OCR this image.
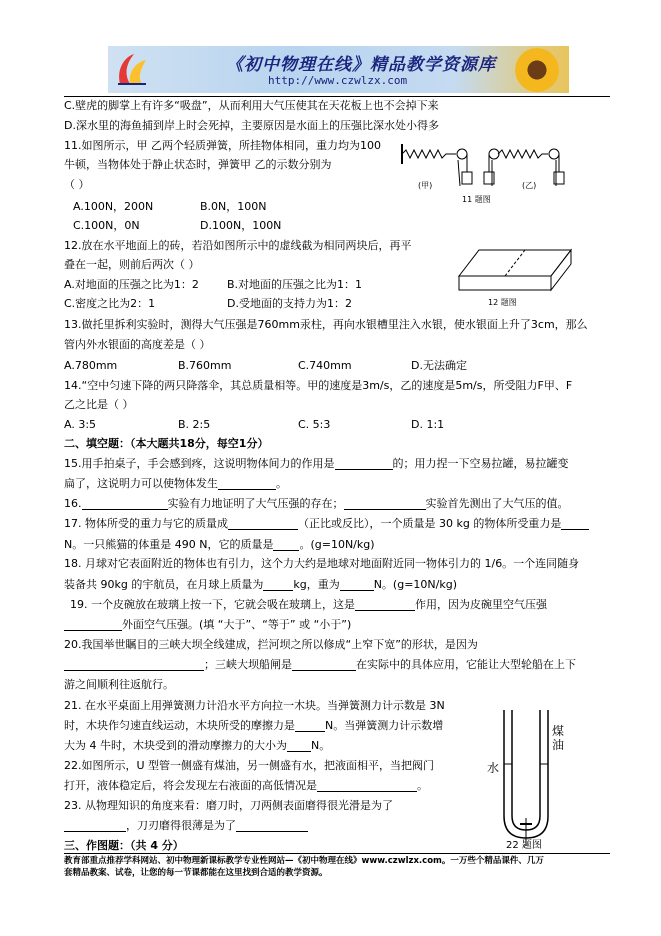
《初中物理在线》精品教学资源库
http://www.czwlzx.com
C.壁虎的脚掌上有许多“吸盘”，从而利用大气压使其在天花板上也不会掉下来
D.深水里的海鱼捕到岸上时会死掉，主要原因是水面上的压强比深水处小得多
11.如图所示，甲 乙两个轻质弹簧，所挂物体相同，重力均为100
牛顿，当物体处于静止状态时，弹簧甲 乙的示数分别为
（ ）
A.100N，200N	B.0N，100N
C.100N，0N	D.100N，100N
(甲)	(乙)
11 题图
12.放在水平地面上的砖，若沿如图所示中的虚线截为相同两块后，再平
叠在一起，则前后两次（ ）
A.对地面的压强之比为1：2	B.对地面的压强之比为1：1
C.密度之比为2：1	D.受地面的支持力为1：2	12 题图
13.做托里拆利实验时，测得大气压强是760mm汞柱，再向水银槽里注入水银，使水银面上升了3cm，那么
管内外水银面的高度差是（ ）
A.780mm	B.760mm	C.740mm	D.无法确定
14.“空中匀速下降的两只降落伞，其总质量相等。甲的速度是3m/s，乙的速度是5m/s，所受阻力F甲、F
乙之比是（ ）
A. 3:5	B. 2:5	C. 5:3	D. 1:1
二、填空题：（本大题共18分，每空1分）
15.用手拍桌子，手会感到疼，这说明物体间力的作用是	的；用力捏一下空易拉罐，易拉罐变
扁了，这说明力可以使物体发生	。
16.	实验有力地证明了大气压强的存在；	实验首先测出了大气压的值。
17. 物体所受的重力与它的质量成	（正比或反比），一个质量是 30 kg 的物体所受重力是
N。一只熊猫的体重是 490 N，它的质量是 。(g=10N/kg)
18. 月球对它表面附近的物体也有引力，这个力大约是地球对地面附近同一物体引力的 1/6。一个连同随身
装备共 90kg 的宇航员，在月球上质量为	kg，重为	N。(g=10N/kg)
19. 一个皮碗放在玻璃上按一下，它就会吸在玻璃上，这是	作用，因为皮碗里空气压强
外面空气压强。(填 “大于”、“等于” 或 “小于”)
20.我国举世瞩目的三峡大坝全线建成，拦河坝之所以修成“上窄下宽”的形状，是因为
；三峡大坝船闸是	在实际中的具体应用，它能让大型轮船在上下
游之间顺利往返航行。
21. 在水平桌面上用弹簧测力计沿水平方向拉一木块。当弹簧测力计示数是 3N
时，木块作匀速直线运动，木块所受的摩擦力是	N。当弹簧测力计示数增
大为 4 牛时，木块受到的滑动摩擦力的大小为 N。
22.如图所示，U 型管一侧盛有煤油，另一侧盛有水，把液面相平，当把阀门
打开，液体稳定后，将会发现左右液面的高低情况是	。
23. 从物理知识的角度来看：磨刀时，刀两侧表面磨得很光滑是为了
，刀刃磨得很薄是为了
三、作图题：（共 4 分）
水
煤油
22 题图
教育部重点推荐学科网站、初中物理新课标教学专业性网站—《初中物理在线》www.czwlzx.com。一万些个精品课件、几万
套精品教案、试卷，让您的每一节课都能在这里找到合适的教学资源。
